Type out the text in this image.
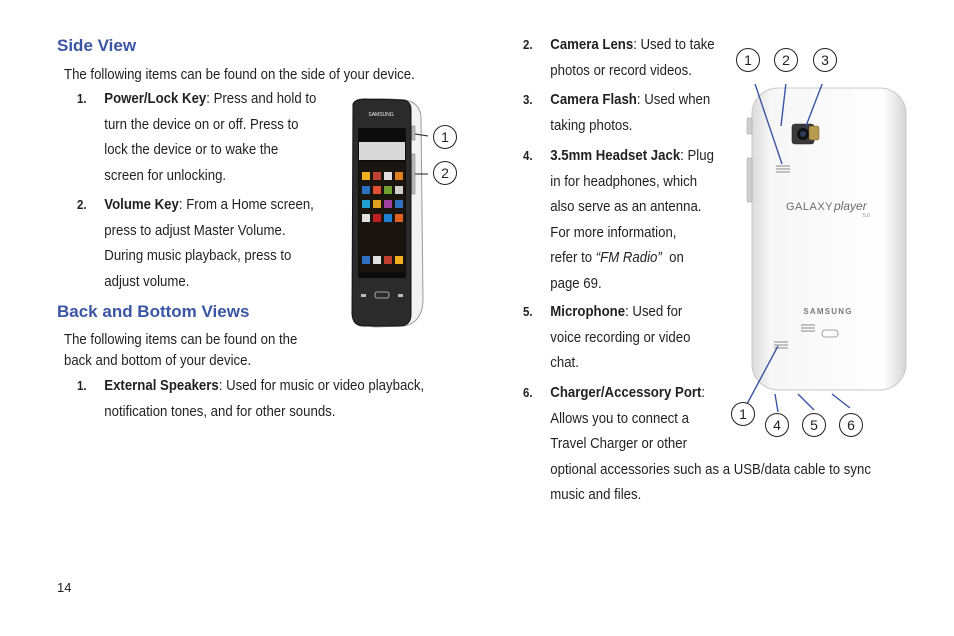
Side View
The following items can be found on the side of your device.
1. Power/Lock Key: Press and hold to
turn the device on or off. Press to
lock the device or to wake the
screen for unlocking.
2. Volume Key: From a Home screen,
press to adjust Master Volume.
During music playback, press to
adjust volume.
Back and Bottom Views
The following items can be found on the
back and bottom of your device.
1. External Speakers: Used for music or video playback,
notification tones, and for other sounds.
SAMSUNG
1
2
2. Camera Lens: Used to take
photos or record videos.
3. Camera Flash: Used when
taking photos.
4. 3.5mm Headset Jack: Plug
in for headphones, which
also serve as an antenna.
For more information,
refer to “FM Radio”  on
page 69.
5. Microphone: Used for
voice recording or video
chat.
6. Charger/Accessory Port:
Allows you to connect a
Travel Charger or other
optional accessories such as a USB/data cable to sync
music and files.
GALAXY player
5.0
SAMSUNG
1	2	3
1
4	5	6
14
